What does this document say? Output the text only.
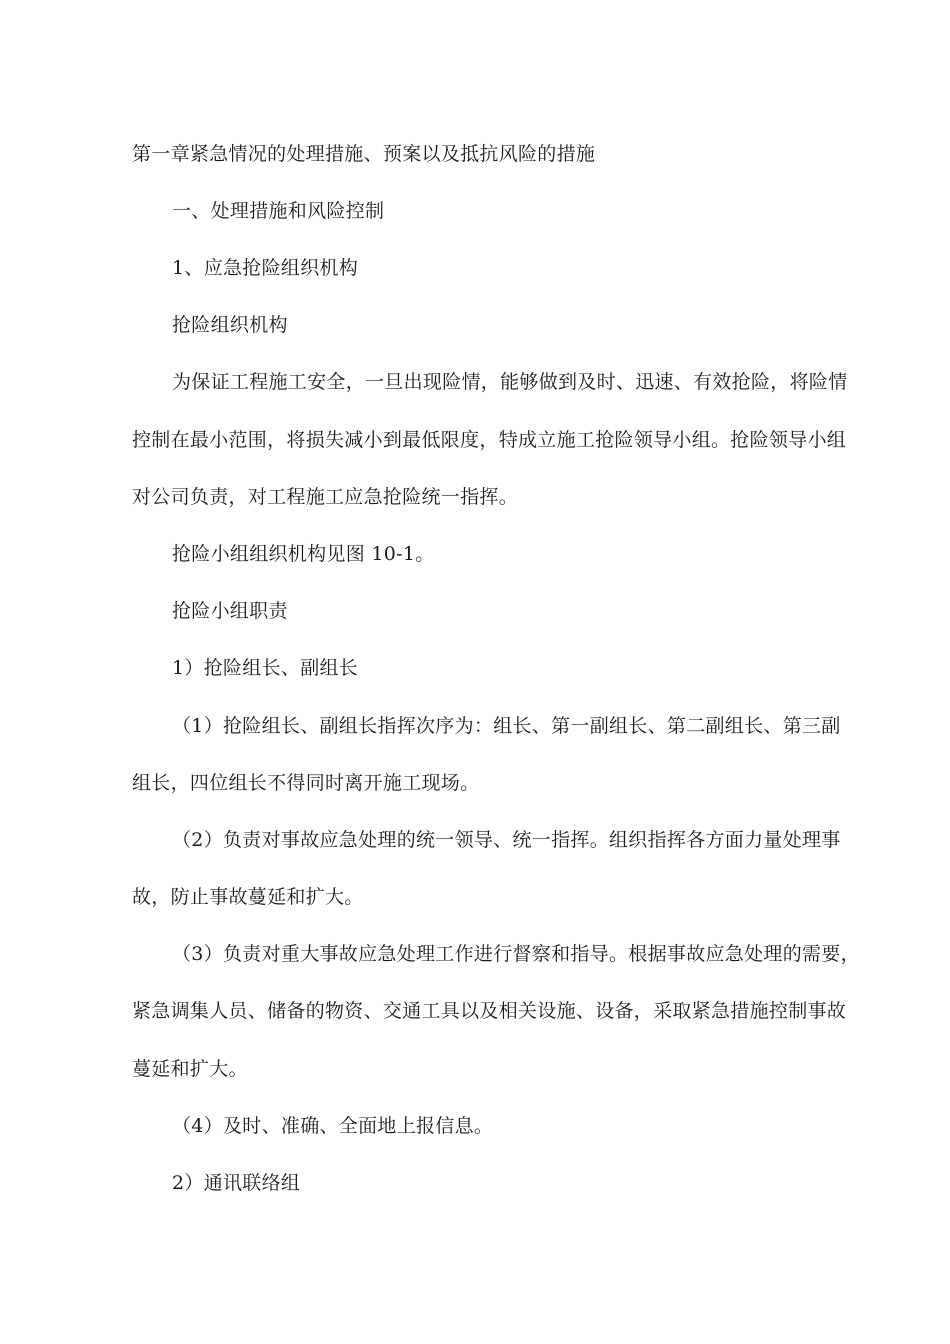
第一章紧急情况的处理措施、预案以及抵抗风险的措施
一、处理措施和风险控制
1、应急抢险组织机构
抢险组织机构
为保证工程施工安全，一旦出现险情，能够做到及时、迅速、有效抢险，将险情
控制在最小范围，将损失减小到最低限度，特成立施工抢险领导小组。抢险领导小组
对公司负责，对工程施工应急抢险统一指挥。
抢险小组组织机构见图 10-1。
抢险小组职责
1）抢险组长、副组长
（1）抢险组长、副组长指挥次序为：组长、第一副组长、第二副组长、第三副
组长，四位组长不得同时离开施工现场。
（2）负责对事故应急处理的统一领导、统一指挥。组织指挥各方面力量处理事
故，防止事故蔓延和扩大。
（3）负责对重大事故应急处理工作进行督察和指导。根据事故应急处理的需要，
紧急调集人员、储备的物资、交通工具以及相关设施、设备，采取紧急措施控制事故
蔓延和扩大。
（4）及时、准确、全面地上报信息。
2）通讯联络组
